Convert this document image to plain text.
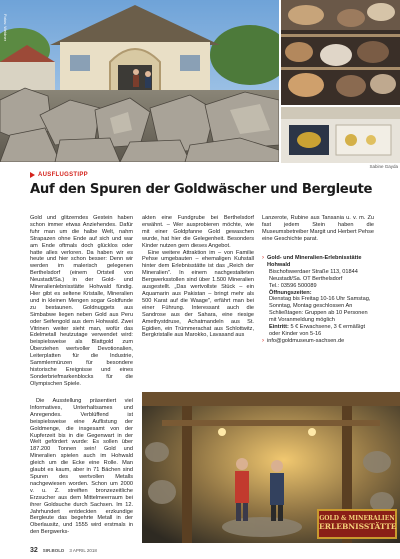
Fotos: Weidner
Sabine Gayda
AUSFLUGSTIPP
Auf den Spuren der Goldwäscher und Bergleute

Gold und glitzerndes Gestein haben schon immer etwas Anziehendes. Dafür fuhr man um die halbe Welt, nahm Strapazen ohne Ende auf sich und war am Ende oftmals doch glücklos oder hatte alles verloren. Da haben wir es heute und hier schon besser: Denn wir werden im malerisch gelegenen Berthelsdorf (einem Ortsteil von Neustadt/Sa.) in der Gold- und Mineralienlebnisstätte Hohwald fündig. Hier gibt es seltene Kristalle, Mineralien und in kleinen Mengen sogar Goldfunde zu bestaunen. Goldnuggets aus Simbabwe liegen neben Gold aus Peru oder Seifengold aus dem Hohwald. Zwei Vitrinen weiter sieht man, wofür das Edelmetall heutzutage verwendet wird: beispielsweise als Blattgold zum Überziehen wertvoller Devotionalien, Leiterplatten für die Industrie, Sammlermünzen für besondere historische Ereignisse und eines Sonderbriefmarkenblocks für die Olympischen Spiele.

Die Ausstellung präsentiert viel Informatives, Unterhaltsames und Anregendes. Verblüffend ist beispielsweise eine Auflistung der Goldmenge, die insgesamt von der Kupferzeit bis in die Gegenwart in der Welt gefördert wurde: Es sollen über 187.200 Tonnen sein! Gold und Mineralien spielen auch im Hohwald gleich um die Ecke eine Rolle. Man glaubt es kaum, aber in 71 Bächen sind Spuren des wertvollen Metalls nachgewiesen worden. Schon um 2000 v. u. Z. streiften bronzezeitliche Erzsucher aus dem Mittelmeerraum bei ihrer Goldsuche durch Sachsen. Im 12. Jahrhundert entdeckten erzkundige Bergleute das begehrte Metall in der Oberlausitz, und 1555 wird erstmals in den Bergwerks-

akten eine Fundgrube bei Berthelsdorf erwähnt. – Wer ausprobieren möchte, wie mit einer Goldpfanne Gold gewaschen wurde, hat hier die Gelegenheit. Besonders Kinder nutzen gern dieses Angebot.

Eine weitere Attraktion im – von Familie Pehse umgebauten – ehemaligen Kuhstall hinter dem Erlebnisstätte ist das „Reich der Mineralien". In einem nachgestalteten Bergwerksstollen sind über 1.500 Mineralien ausgestellt. „Das wertvollste Stück – ein Aquamarin aus Pakistan – bringt mehr als 500 Karat auf die Waage", erfährt man bei einer Führung. Interessant auch die Sandrose aus der Sahara, eine riesige Amethystdruse, Achatmandeln aus St. Egidien, ein Trümmerachat aus Schlottwitz, Bergkristalle aus Marokko, Lavasand aus

Lanzerote, Rubine aus Tansania u. v. m. Zu fast jedem Stein haben die Museumsbetreiber Margit und Herbert Pehse eine Geschichte parat.

› Gold- und Mineralien-Erlebnisstätte Hohwald
Bischofswerdaer Straße 113, 01844 Neustadt/Sa. OT Berthelsdorf
Tel.: 03596 500089
Öffnungszeiten:
Dienstag bis Freitag 10-16 Uhr Samstag, Sonntag, Montag geschlossen An Schließtagen: Gruppen ab 10 Personen mit Voranmeldung möglich
Eintritt: 5 € Erwachsene, 3 € ermäßigt oder Kinder von 5-16
› info@goldmuseum-sachsen.de
GOLD & MINERALIEN
ERLEBNISSTÄTTE
32 SIR.BOLD 3 APRIL 2018
